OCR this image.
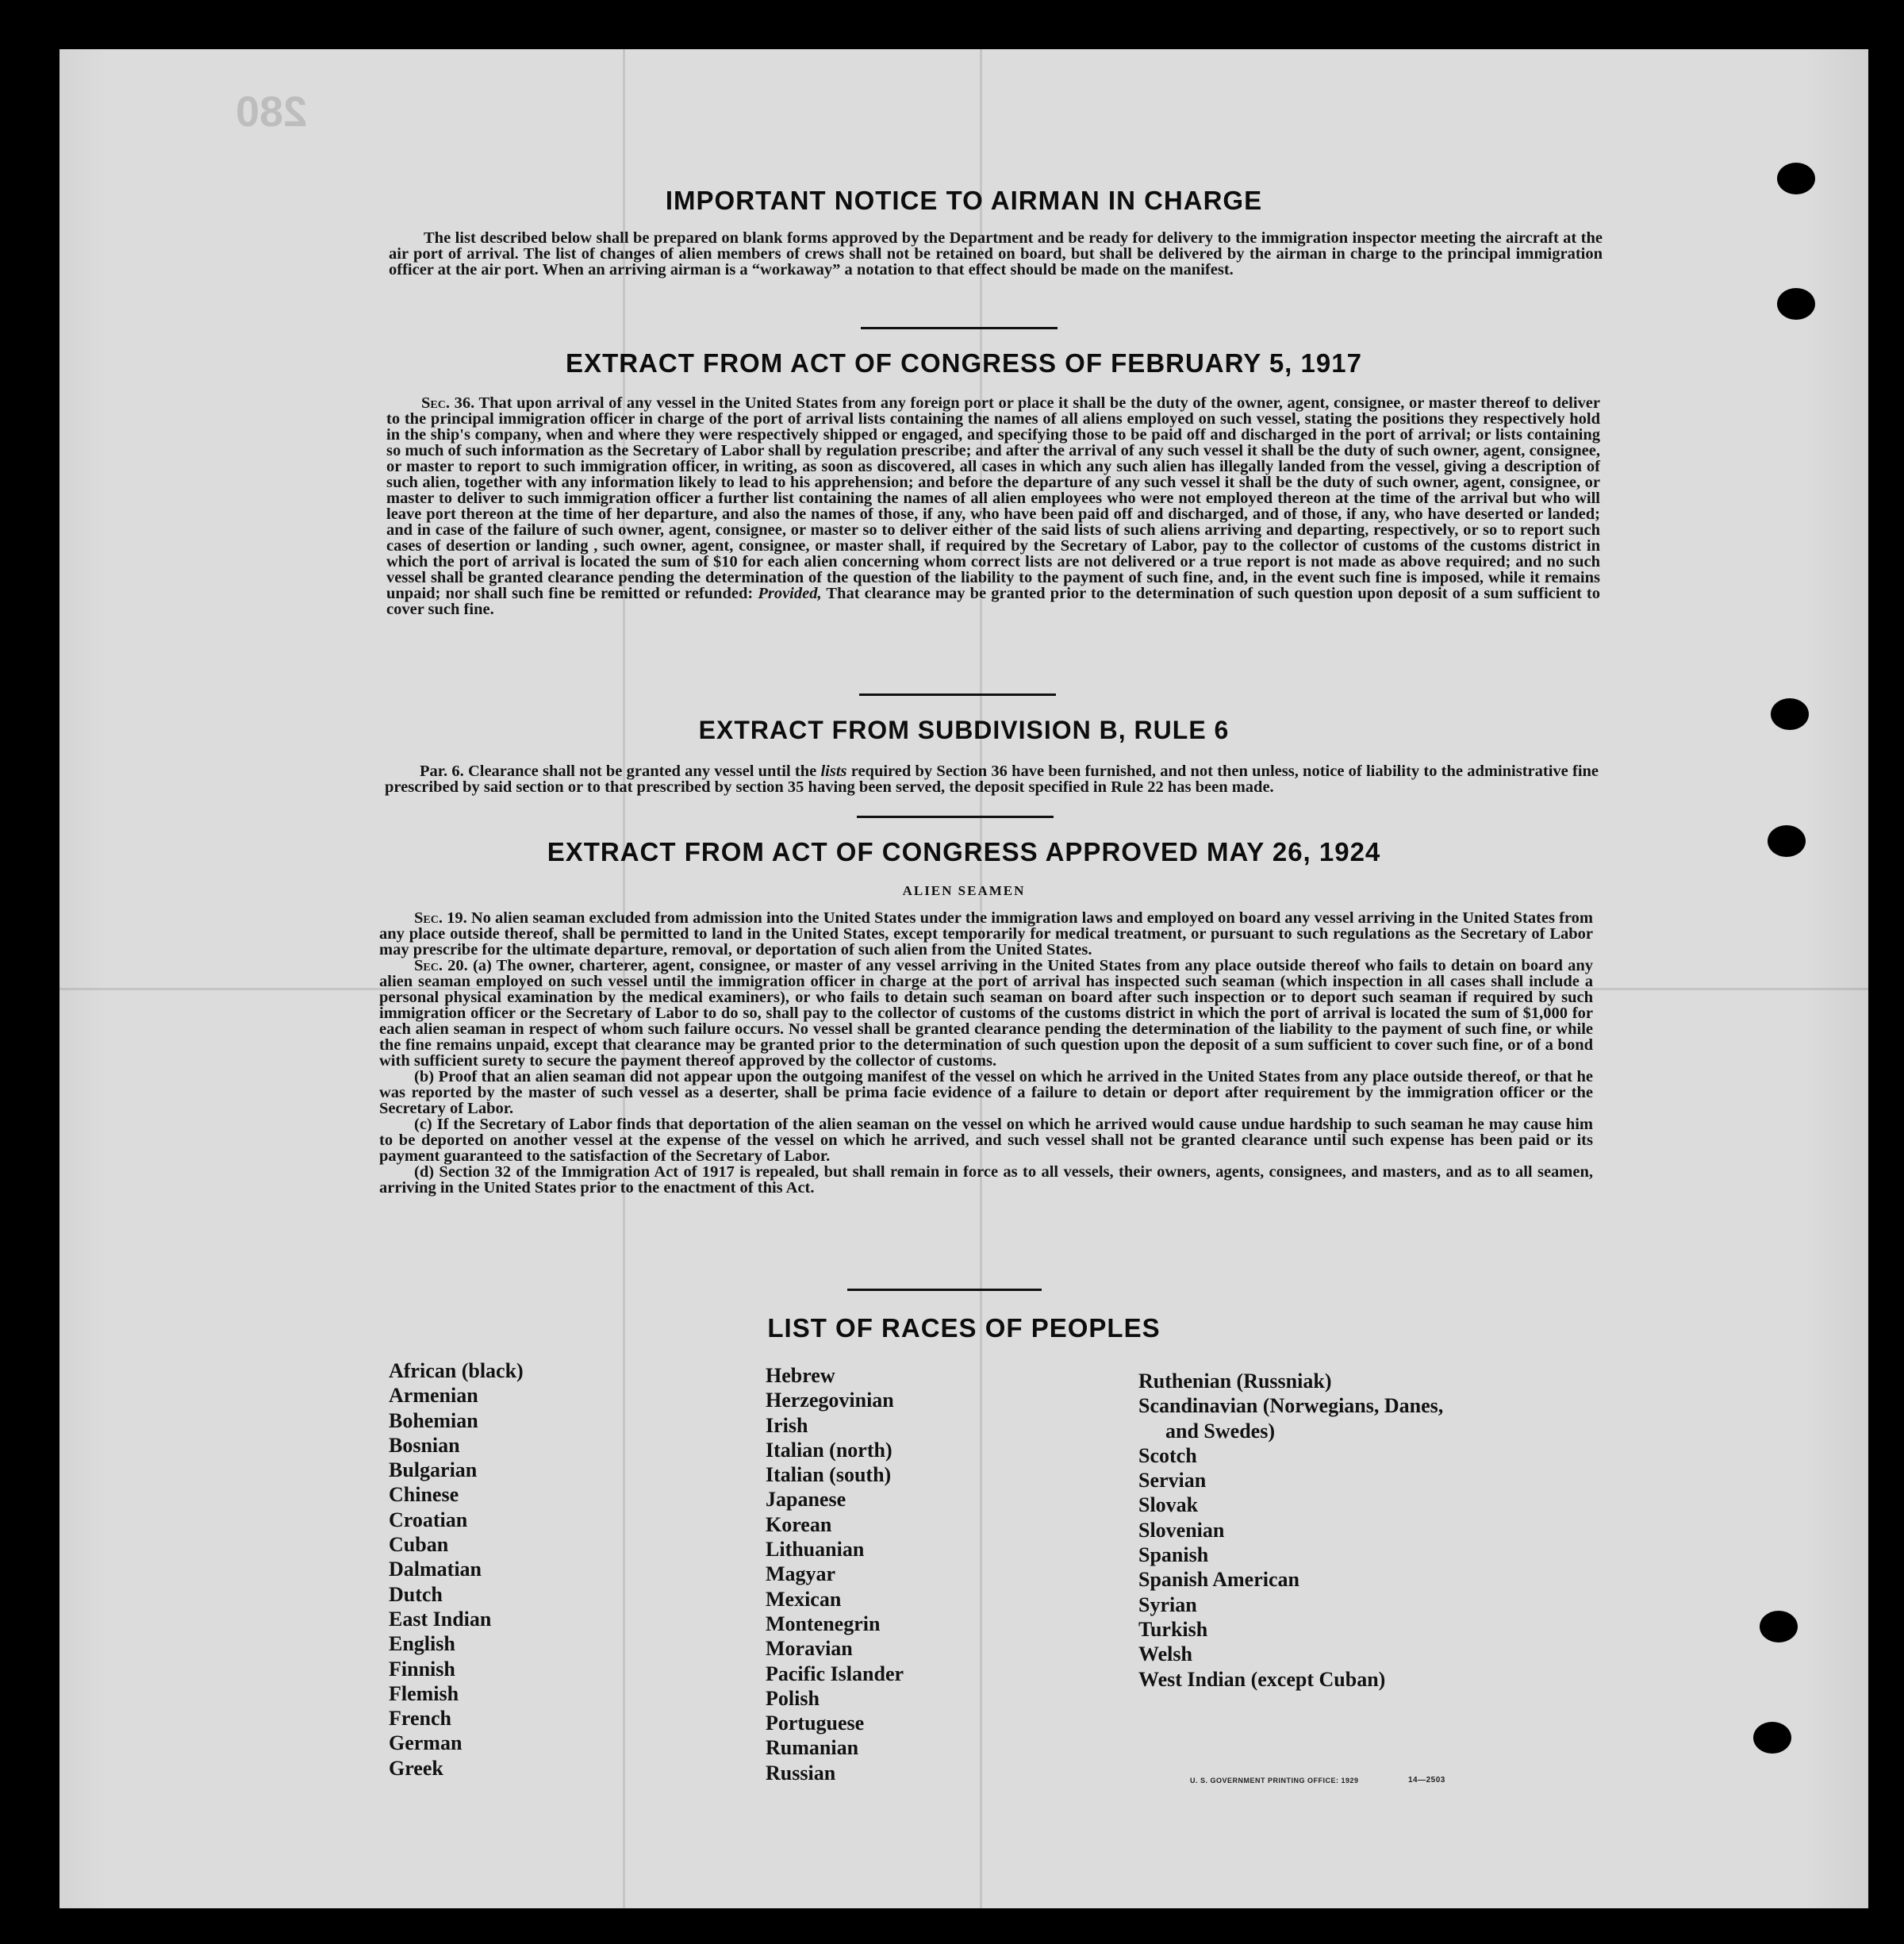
280
IMPORTANT NOTICE TO AIRMAN IN CHARGE

The list described below shall be prepared on blank forms approved by the Department and be ready for delivery to the immigration inspector meeting the aircraft at the air port of arrival. The list of changes of alien members of crews shall not be retained on board, but shall be delivered by the airman in charge to the principal immigration officer at the air port. When an arriving airman is a “workaway” a notation to that effect should be made on the manifest.

EXTRACT FROM ACT OF CONGRESS OF FEBRUARY 5, 1917

Sec. 36. That upon arrival of any vessel in the United States from any foreign port or place it shall be the duty of the owner, agent, consignee, or master thereof to deliver to the principal immigration officer in charge of the port of arrival lists containing the names of all aliens employed on such vessel, stating the positions they respectively hold in the ship's company, when and where they were respectively shipped or engaged, and specifying those to be paid off and discharged in the port of arrival; or lists containing so much of such information as the Secretary of Labor shall by regulation prescribe; and after the arrival of any such vessel it shall be the duty of such owner, agent, consignee, or master to report to such immigration officer, in writing, as soon as discovered, all cases in which any such alien has illegally landed from the vessel, giving a description of such alien, together with any information likely to lead to his apprehension; and before the departure of any such vessel it shall be the duty of such owner, agent, consignee, or master to deliver to such immigration officer a further list containing the names of all alien employees who were not employed thereon at the time of the arrival but who will leave port thereon at the time of her departure, and also the names of those, if any, who have been paid off and discharged, and of those, if any, who have deserted or landed; and in case of the failure of such owner, agent, consignee, or master so to deliver either of the said lists of such aliens arriving and departing, respectively, or so to report such cases of desertion or landing , such owner, agent, consignee, or master shall, if required by the Secretary of Labor, pay to the collector of customs of the customs district in which the port of arrival is located the sum of $10 for each alien concerning whom correct lists are not delivered or a true report is not made as above required; and no such vessel shall be granted clearance pending the determination of the question of the liability to the payment of such fine, and, in the event such fine is imposed, while it remains unpaid; nor shall such fine be remitted or refunded: Provided, That clearance may be granted prior to the determination of such question upon deposit of a sum sufficient to cover such fine.

EXTRACT FROM SUBDIVISION B, RULE 6

Par. 6. Clearance shall not be granted any vessel until the lists required by Section 36 have been furnished, and not then unless, notice of liability to the administrative fine prescribed by said section or to that prescribed by section 35 having been served, the deposit specified in Rule 22 has been made.

EXTRACT FROM ACT OF CONGRESS APPROVED MAY 26, 1924
ALIEN SEAMEN

Sec. 19. No alien seaman excluded from admission into the United States under the immigration laws and employed on board any vessel arriving in the United States from any place outside thereof, shall be permitted to land in the United States, except temporarily for medical treatment, or pursuant to such regulations as the Secretary of Labor may prescribe for the ultimate departure, removal, or deportation of such alien from the United States.

Sec. 20. (a) The owner, charterer, agent, consignee, or master of any vessel arriving in the United States from any place outside thereof who fails to detain on board any alien seaman employed on such vessel until the immigration officer in charge at the port of arrival has inspected such seaman (which inspection in all cases shall include a personal physical examination by the medical examiners), or who fails to detain such seaman on board after such inspection or to deport such seaman if required by such immigration officer or the Secretary of Labor to do so, shall pay to the collector of customs of the customs district in which the port of arrival is located the sum of $1,000 for each alien seaman in respect of whom such failure occurs. No vessel shall be granted clearance pending the determination of the liability to the payment of such fine, or while the fine remains unpaid, except that clearance may be granted prior to the determination of such question upon the deposit of a sum sufficient to cover such fine, or of a bond with sufficient surety to secure the payment thereof approved by the collector of customs.

(b) Proof that an alien seaman did not appear upon the outgoing manifest of the vessel on which he arrived in the United States from any place outside thereof, or that he was reported by the master of such vessel as a deserter, shall be prima facie evidence of a failure to detain or deport after requirement by the immigration officer or the Secretary of Labor.

(c) If the Secretary of Labor finds that deportation of the alien seaman on the vessel on which he arrived would cause undue hardship to such seaman he may cause him to be deported on another vessel at the expense of the vessel on which he arrived, and such vessel shall not be granted clearance until such expense has been paid or its payment guaranteed to the satisfaction of the Secretary of Labor.

(d) Section 32 of the Immigration Act of 1917 is repealed, but shall remain in force as to all vessels, their owners, agents, consignees, and masters, and as to all seamen, arriving in the United States prior to the enactment of this Act.

LIST OF RACES OF PEOPLES
African (black)
Armenian
Bohemian
Bosnian
Bulgarian
Chinese
Croatian
Cuban
Dalmatian
Dutch
East Indian
English
Finnish
Flemish
French
German
Greek
Hebrew
Herzegovinian
Irish
Italian (north)
Italian (south)
Japanese
Korean
Lithuanian
Magyar
Mexican
Montenegrin
Moravian
Pacific Islander
Polish
Portuguese
Rumanian
Russian
Ruthenian (Russniak)
Scandinavian (Norwegians, Danes,
and Swedes)
Scotch
Servian
Slovak
Slovenian
Spanish
Spanish American
Syrian
Turkish
Welsh
West Indian (except Cuban)
U. S. GOVERNMENT PRINTING OFFICE: 1929	14—2503
